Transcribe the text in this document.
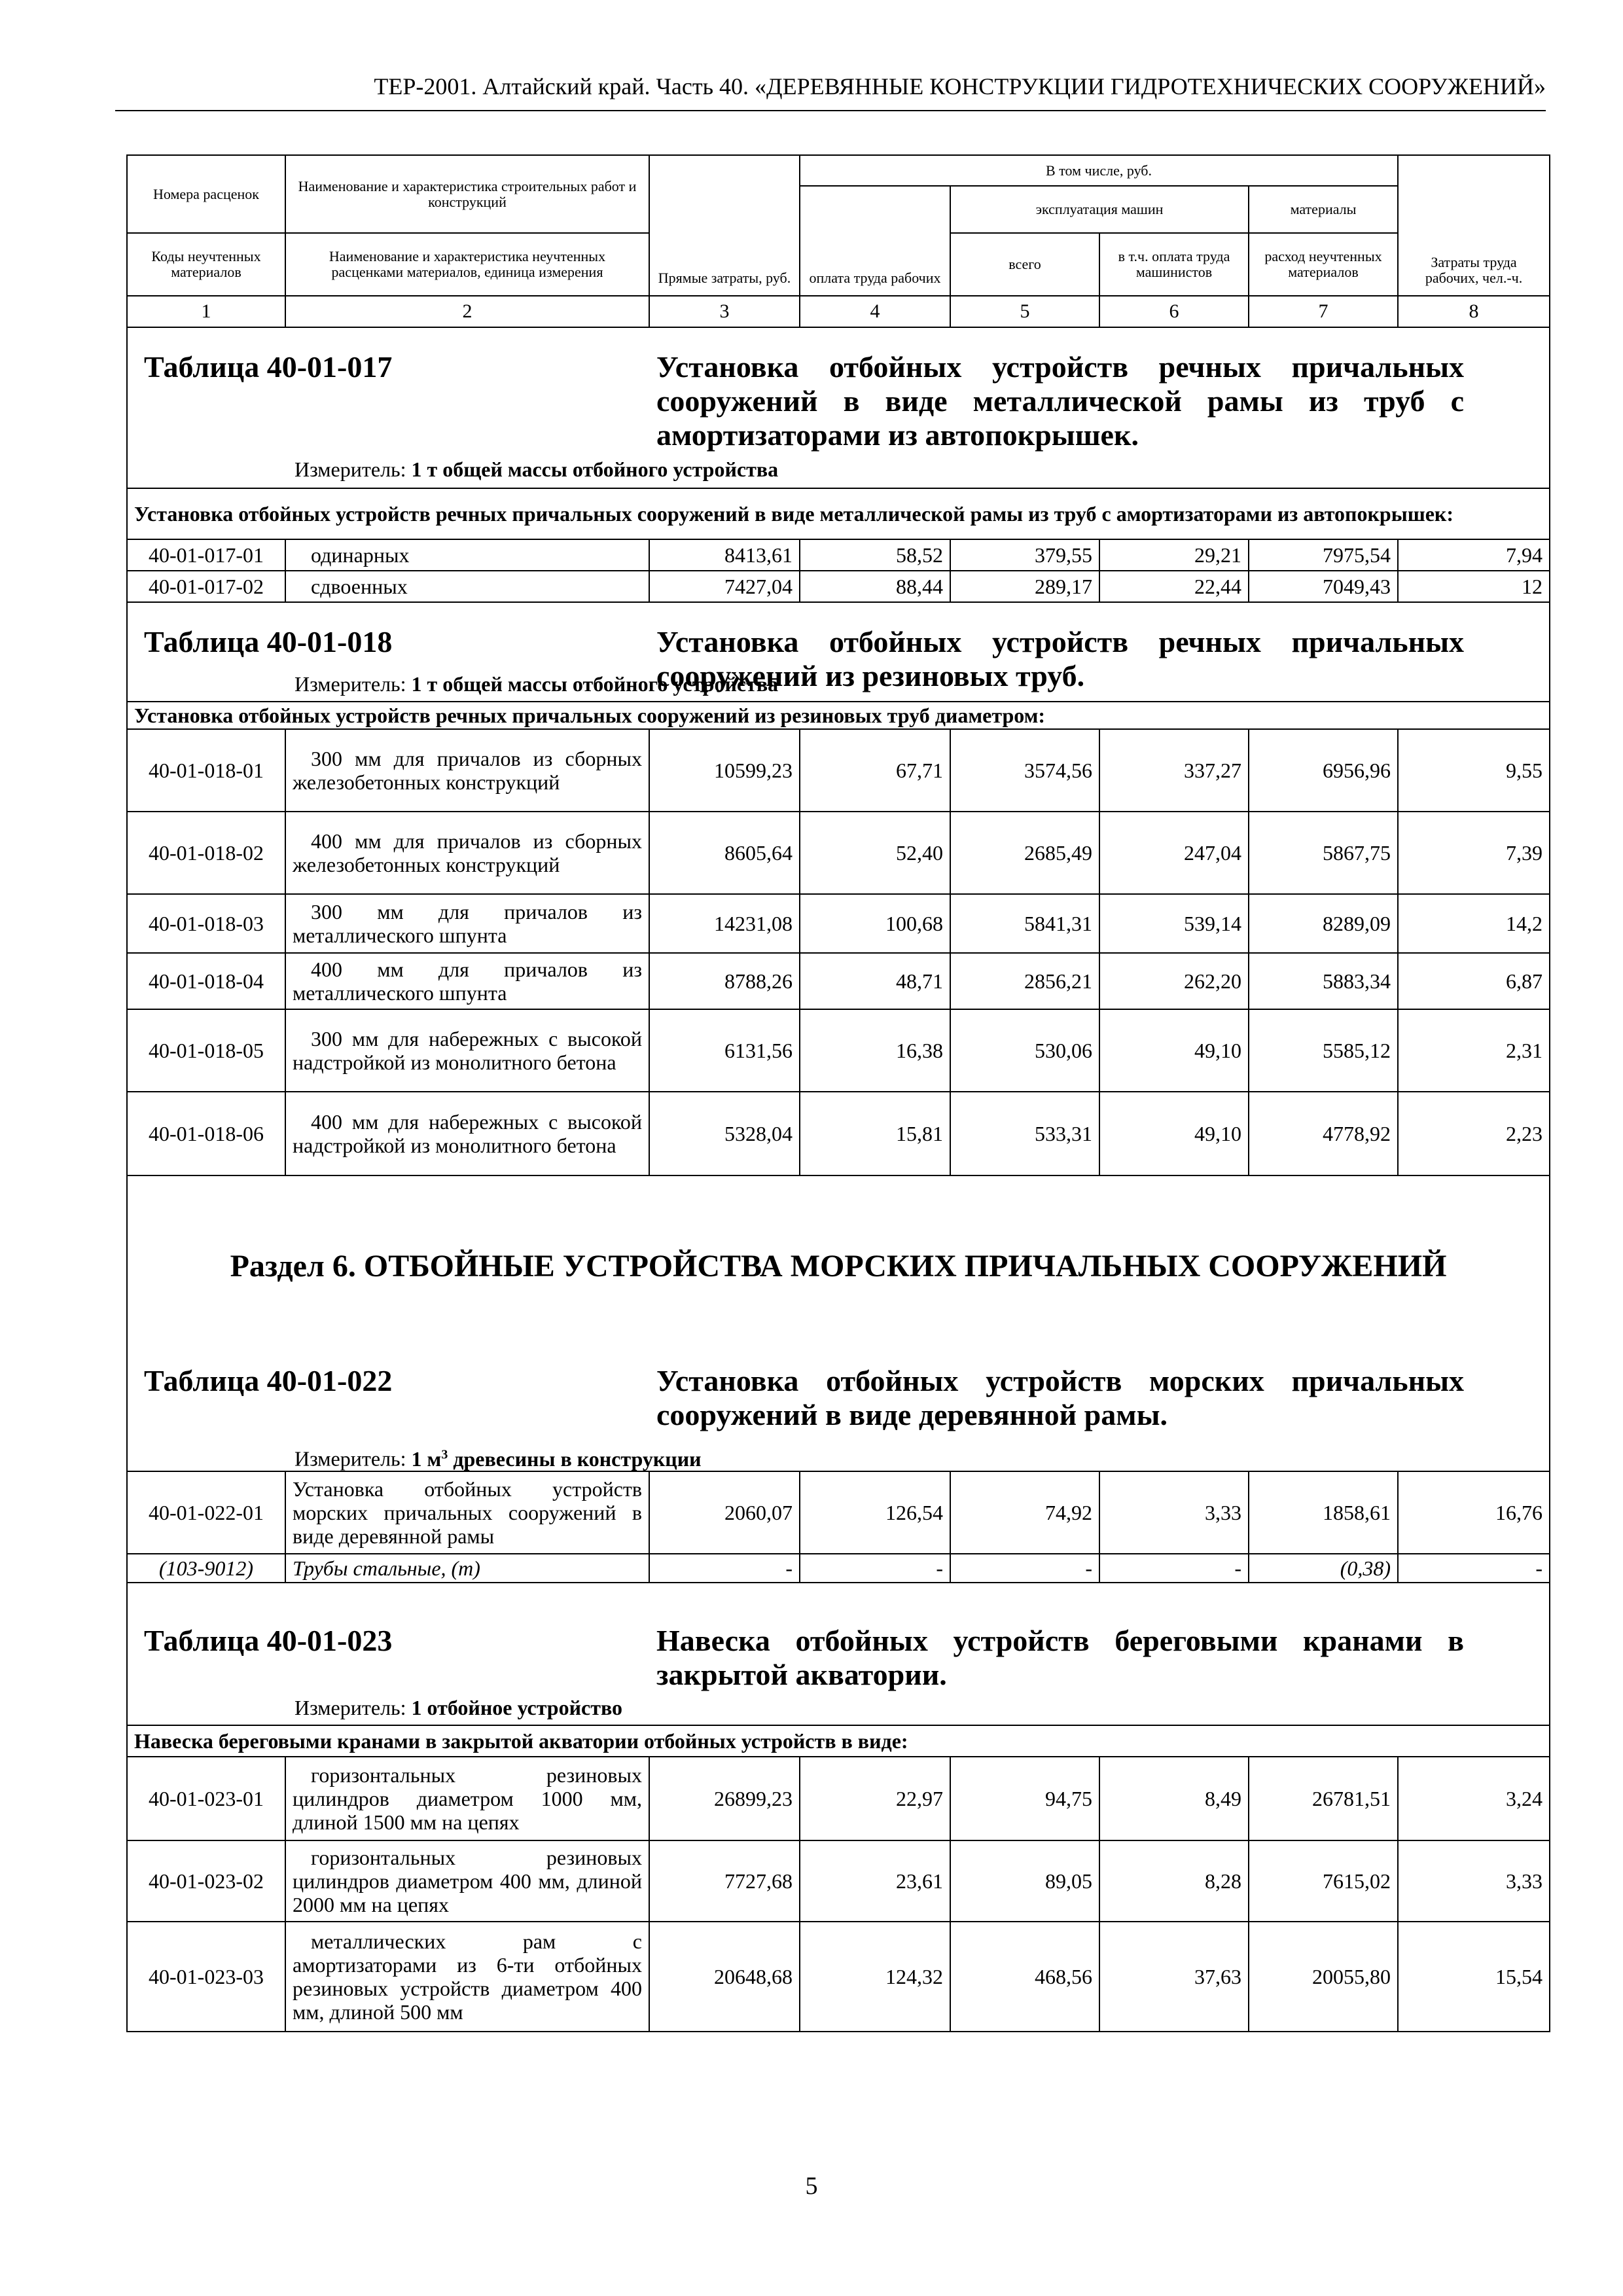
ТЕР-2001. Алтайский край. Часть 40. «ДЕРЕВЯННЫЕ КОНСТРУКЦИИ ГИДРОТЕХНИЧЕСКИХ СООРУЖЕНИЙ»
Номера расценок	Наименование и характеристика строительных работ и конструкций	Прямые затраты, руб.	В том числе, руб.				Затраты труда рабочих, чел.-ч.
			оплата труда рабочих	эксплуатация машин		материалы	
				всего	в т.ч. оплата труда машинистов	расход неучтенных материалов	
Коды неучтенных материалов	Наименование и характеристика неучтенных расценками материалов, единица измерения						
1	2	3	4	5	6	7	8

Таблица 40-01-017 Установка отбойных устройств речных причальных сооружений в виде металлической рамы из труб с амортизаторами из автопокрышек.
Измеритель: 1 т общей массы отбойного устройства							

Установка отбойных устройств речных причальных сооружений в виде металлической рамы из труб с амортизаторами из автопокрышек:							
40-01-017-01	одинарных	8413,61	58,52	379,55	29,21	7975,54	7,94
40-01-017-02	сдвоенных	7427,04	88,44	289,17	22,44	7049,43	12

Таблица 40-01-018 Установка отбойных устройств речных причальных сооружений из резиновых труб.
Измеритель: 1 т общей массы отбойного устройства							

Установка отбойных устройств речных причальных сооружений из резиновых труб диаметром:							
40-01-018-01	300 мм для причалов из сборных железобетонных конструкций	10599,23	67,71	3574,56	337,27	6956,96	9,55
40-01-018-02	400 мм для причалов из сборных железобетонных конструкций	8605,64	52,40	2685,49	247,04	5867,75	7,39
40-01-018-03	300 мм для причалов из металлического шпунта	14231,08	100,68	5841,31	539,14	8289,09	14,2
40-01-018-04	400 мм для причалов из металлического шпунта	8788,26	48,71	2856,21	262,20	5883,34	6,87
40-01-018-05	300 мм для набережных с высокой надстройкой из монолитного бетона	6131,56	16,38	530,06	49,10	5585,12	2,31
40-01-018-06	400 мм для набережных с высокой надстройкой из монолитного бетона	5328,04	15,81	533,31	49,10	4778,92	2,23

Раздел 6. ОТБОЙНЫЕ УСТРОЙСТВА МОРСКИХ ПРИЧАЛЬНЫХ СООРУЖЕНИЙ
Таблица 40-01-022 Установка отбойных устройств морских причальных сооружений в виде деревянной рамы.
Измеритель: 1 $м^3$ древесины в конструкции							

40-01-022-01	Установка отбойных устройств морских причальных сооружений в виде деревянной рамы	2060,07	126,54	74,92	3,33	1858,61	16,76
(103-9012)	Трубы стальные, (т)	-	-	-	-	(0,38)	-

Таблица 40-01-023 Навеска отбойных устройств береговыми кранами в закрытой акватории.
Измеритель: 1 отбойное устройство							

Навеска береговыми кранами в закрытой акватории отбойных устройств в виде:							
40-01-023-01	горизонтальных резиновых цилиндров диаметром 1000 мм, длиной 1500 мм на цепях	26899,23	22,97	94,75	8,49	26781,51	3,24
40-01-023-02	горизонтальных резиновых цилиндров диаметром 400 мм, длиной 2000 мм на цепях	7727,68	23,61	89,05	8,28	7615,02	3,33
40-01-023-03	металлических рам с амортизаторами из 6-ти отбойных резиновых устройств диаметром 400 мм, длиной 500 мм	20648,68	124,32	468,56	37,63	20055,80	15,54
5
